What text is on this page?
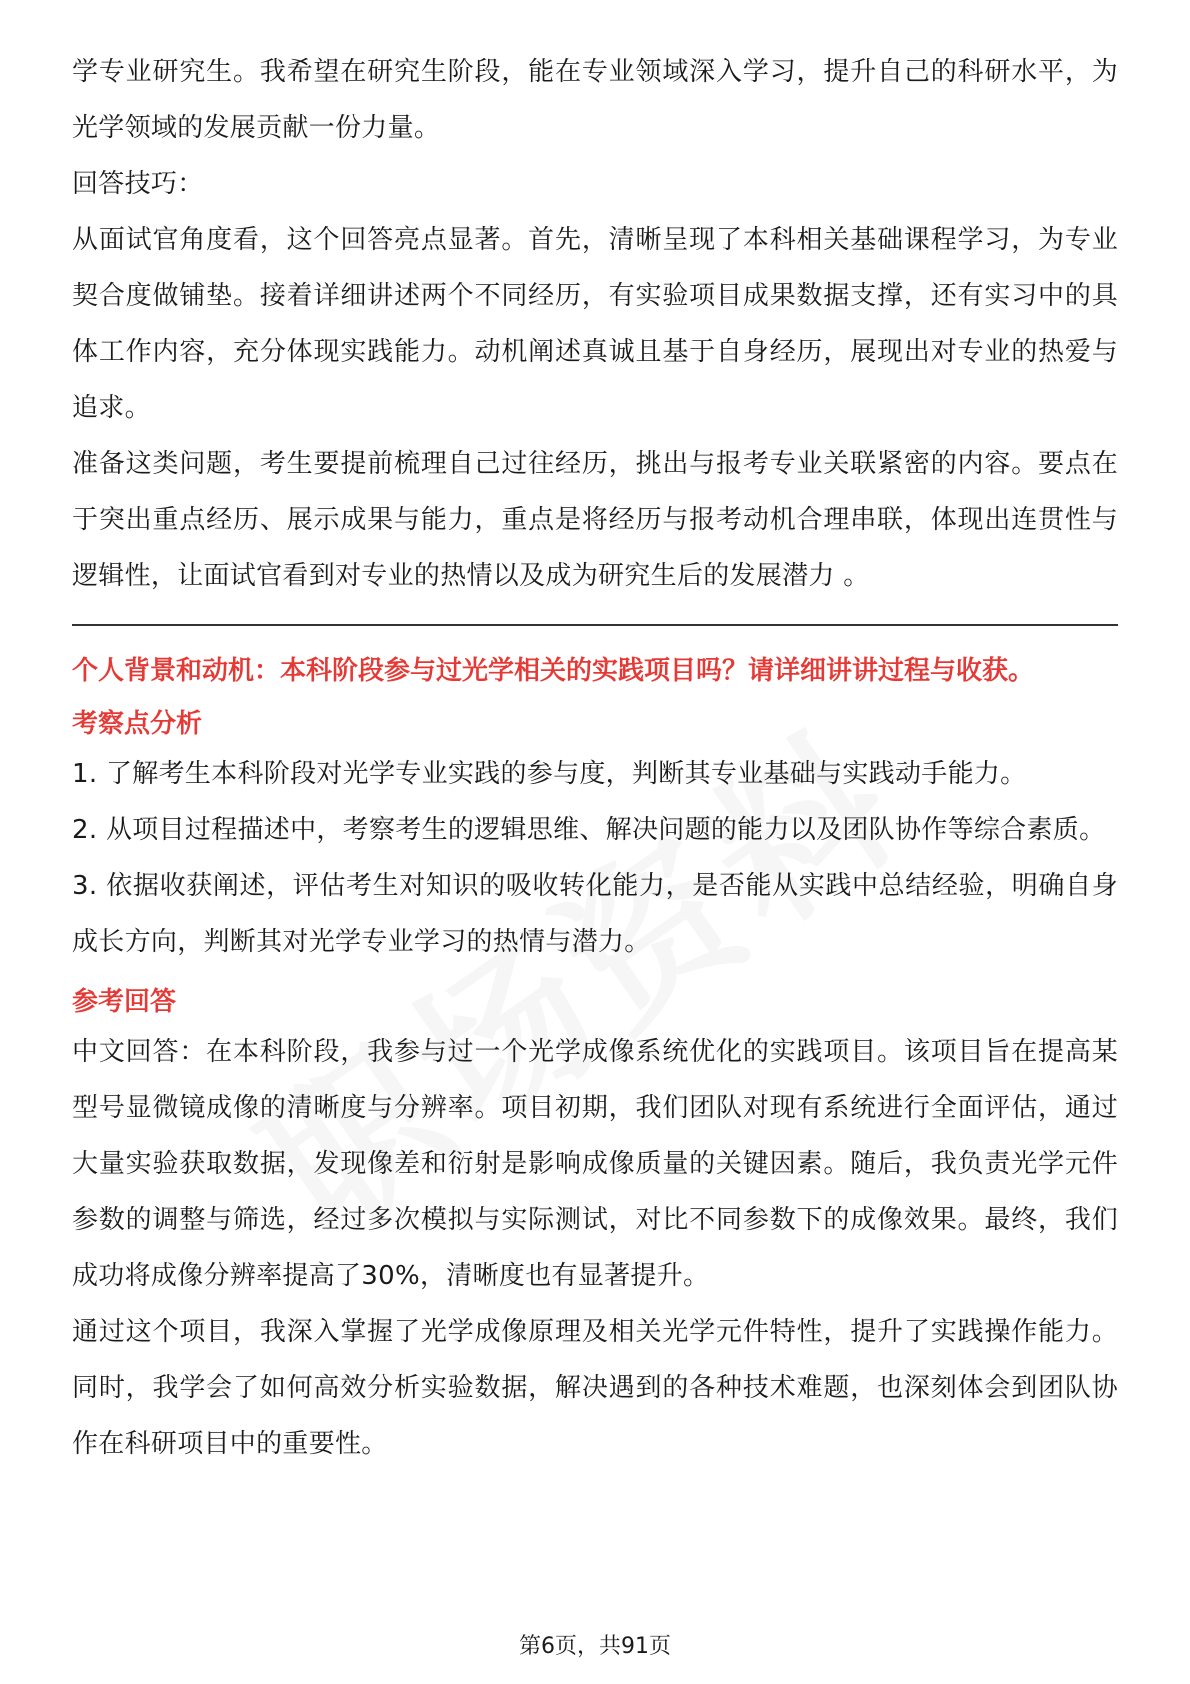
学专业研究生。我希望在研究生阶段，能在专业领域深入学习，提升自己的科研水平，为光学领域的发展贡献一份力量。

回答技巧：

从面试官角度看，这个回答亮点显著。首先，清晰呈现了本科相关基础课程学习，为专业契合度做铺垫。接着详细讲述两个不同经历，有实验项目成果数据支撑，还有实习中的具体工作内容，充分体现实践能力。动机阐述真诚且基于自身经历，展现出对专业的热爱与追求。

准备这类问题，考生要提前梳理自己过往经历，挑出与报考专业关联紧密的内容。要点在于突出重点经历、展示成果与能力，重点是将经历与报考动机合理串联，体现出连贯性与逻辑性，让面试官看到对专业的热情以及成为研究生后的发展潜力 。

个人背景和动机：本科阶段参与过光学相关的实践项目吗？请详细讲讲过程与收获。

考察点分析

1. 了解考生本科阶段对光学专业实践的参与度，判断其专业基础与实践动手能力。

2. 从项目过程描述中，考察考生的逻辑思维、解决问题的能力以及团队协作等综合素质。

3. 依据收获阐述，评估考生对知识的吸收转化能力，是否能从实践中总结经验，明确自身成长方向，判断其对光学专业学习的热情与潜力。

参考回答

中文回答：在本科阶段，我参与过一个光学成像系统优化的实践项目。该项目旨在提高某型号显微镜成像的清晰度与分辨率。项目初期，我们团队对现有系统进行全面评估，通过大量实验获取数据，发现像差和衍射是影响成像质量的关键因素。随后，我负责光学元件参数的调整与筛选，经过多次模拟与实际测试，对比不同参数下的成像效果。最终，我们成功将成像分辨率提高了30%，清晰度也有显著提升。

通过这个项目，我深入掌握了光学成像原理及相关光学元件特性，提升了实践操作能力。同时，我学会了如何高效分析实验数据，解决遇到的各种技术难题，也深刻体会到团队协作在科研项目中的重要性。

第6页，共91页
